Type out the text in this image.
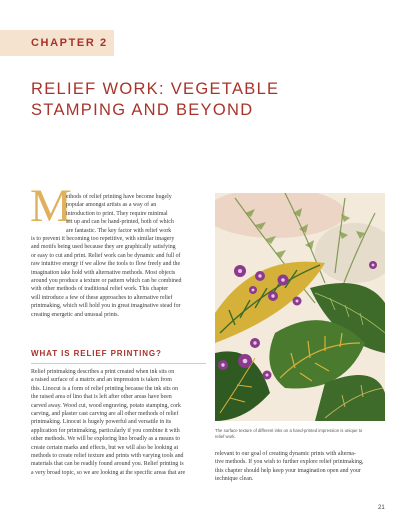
CHAPTER 2
RELIEF WORK: VEGETABLE
STAMPING AND BEYOND
M

ethods of relief printing have become hugely

popular amongst artists as a way of an

introduction to print. They require minimal

set up and can be hand-printed, both of which

are fantastic. The key factor with relief work

is to prevent it becoming too repetitive, with similar imagery

and motifs being used because they are graphically satisfying

or easy to cut and print. Relief work can be dynamic and full of

raw intuitive energy if we allow the tools to flow freely and the

imagination take hold with alternative methods. Most objects

around you produce a texture or pattern which can be combined

with other methods of traditional relief work. This chapter

will introduce a few of these approaches to alternative relief

printmaking, which will hold you in great imaginative stead for

creating energetic and unusual prints.

WHAT IS RELIEF PRINTING?

Relief printmaking describes a print created when ink sits on

a raised surface of a matrix and an impression is taken from

this. Linocut is a form of relief printing because the ink sits on

the raised area of lino that is left after other areas have been

carved away. Wood cut, wood engraving, potato stamping, cork

carving, and plaster cast carving are all other methods of relief

printmaking. Linocut is hugely powerful and versatile in its

application for printmaking, particularly if you combine it with

other methods. We will be exploring lino broadly as a means to

create certain marks and effects, but we will also be looking at

methods to create relief texture and prints with varying tools and

materials that can be readily found around you. Relief printing is

a very broad topic, so we are looking at the specific areas that are

The surface texture of different inks on a hand-printed impression is unique to
relief work.

relevant to our goal of creating dynamic prints with alterna-

tive methods. If you wish to further explore relief printmaking,

this chapter should help keep your imagination open and your

technique clean.

21
